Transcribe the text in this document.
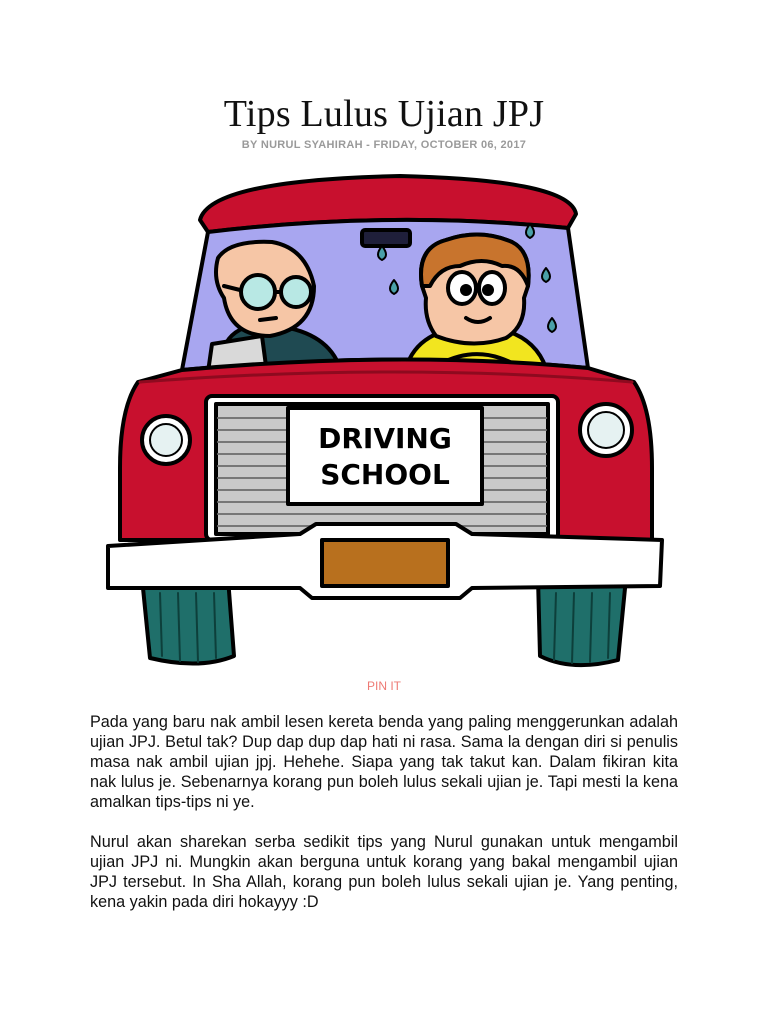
Tips Lulus Ujian JPJ
BY NURUL SYAHIRAH - FRIDAY, OCTOBER 06, 2017
DRIVING
SCHOOL
PIN IT

Pada yang baru nak ambil lesen kereta benda yang paling menggerunkan adalah ujian JPJ. Betul tak? Dup dap dup dap hati ni rasa. Sama la dengan diri si penulis masa nak ambil ujian jpj. Hehehe. Siapa yang tak takut kan. Dalam fikiran kita nak lulus je. Sebenarnya korang pun boleh lulus sekali ujian je. Tapi mesti la kena amalkan tips-tips ni ye.

Nurul akan sharekan serba sedikit tips yang Nurul gunakan untuk mengambil ujian JPJ ni. Mungkin akan berguna untuk korang yang bakal mengambil ujian JPJ tersebut. In Sha Allah, korang pun boleh lulus sekali ujian je. Yang penting, kena yakin pada diri hokayyy :D
